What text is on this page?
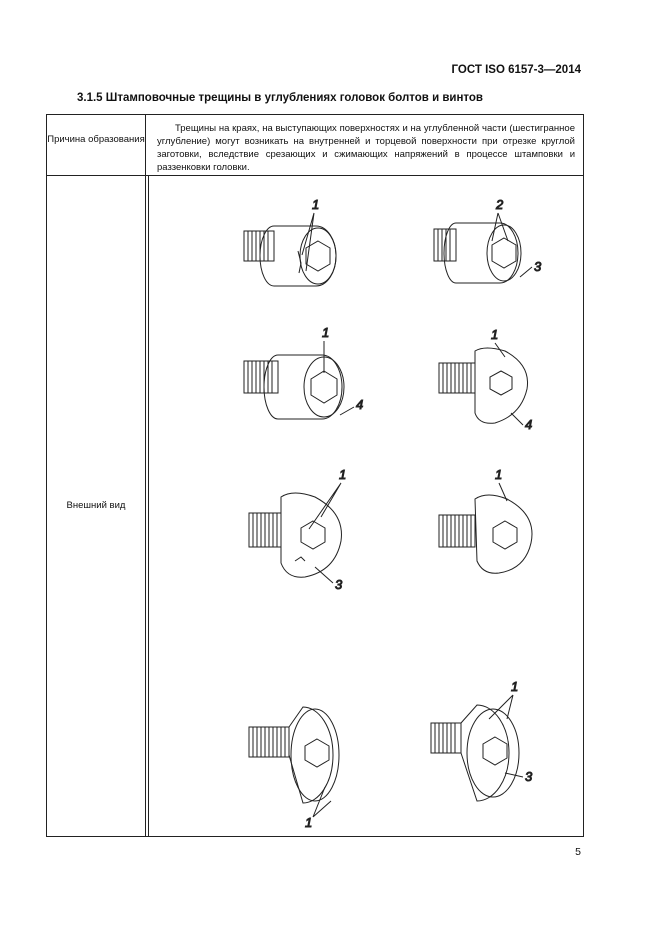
ГОСТ ISO 6157-3—2014
3.1.5 Штамповочные трещины в углублениях головок болтов и винтов
Причина образования
Трещины на краях, на выступающих поверхностях и на углубленной части (шестигранное углубление) могут возникать на внутренней и торцевой поверхности при отрезке круглой заготовки, вследствие срезающих и сжимающих напряжений в процессе штамповки и раззенковки головки.
Внешний вид
1	2
3
1
4
1
4
1
3
1
1
1
3
5
